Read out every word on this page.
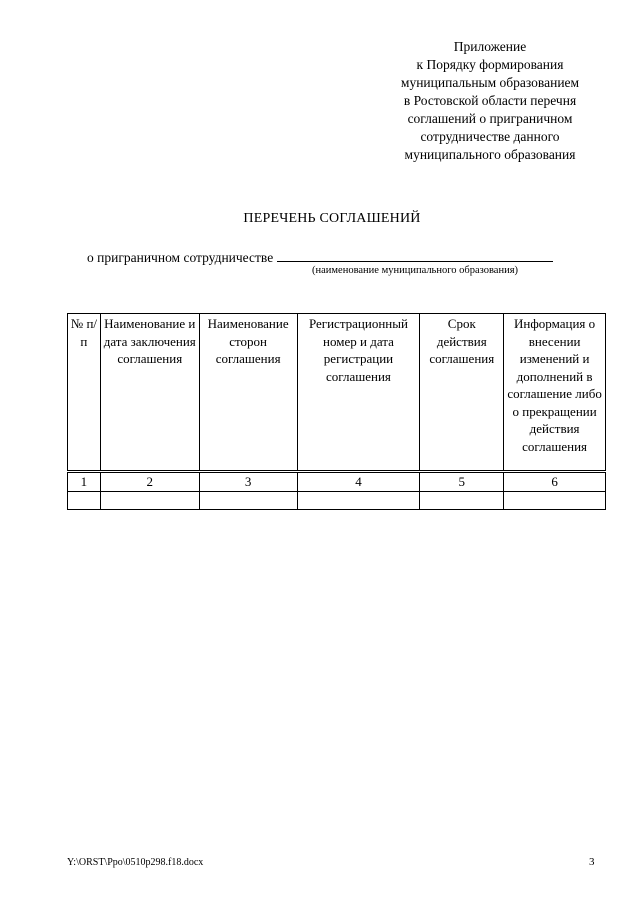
Приложение
к Порядку формирования
муниципальным образованием
в Ростовской области перечня
соглашений о приграничном
сотрудничестве данного
муниципального образования
ПЕРЕЧЕНЬ СОГЛАШЕНИЙ
о приграничном сотрудничестве
(наименование муниципального образования)
№ п/п	Наименование и дата заключения соглашения	Наименование сторон соглашения	Регистрационный номер и дата регистрации соглашения	Срок действия соглашения	Информация о внесении изменений и дополнений в соглашение либо о прекращении действия соглашения
1	2	3	4	5	6

Y:\ORST\Ppo\0510p298.f18.docx	3
